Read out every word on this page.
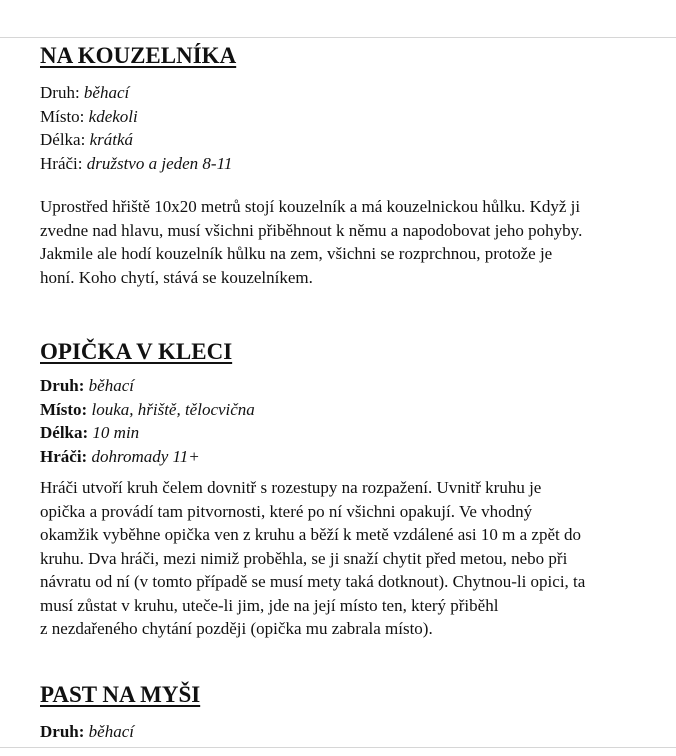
NA KOUZELNÍKA
Druh: běhací
Místo: kdekoli
Délka: krátká
Hráči: družstvo a jeden 8-11

Uprostřed hřiště 10x20 metrů stojí kouzelník a má kouzelnickou hůlku. Když ji
zvedne nad hlavu, musí všichni přiběhnout k němu a napodobovat jeho pohyby.
Jakmile ale hodí kouzelník hůlku na zem, všichni se rozprchnou, protože je
honí. Koho chytí, stává se kouzelníkem.

OPIČKA V KLECI
Druh: běhací
Místo: louka, hřiště, tělocvična
Délka: 10 min
Hráči: dohromady 11+

Hráči utvoří kruh čelem dovnitř s rozestupy na rozpažení. Uvnitř kruhu je
opička a provádí tam pitvornosti, které po ní všichni opakují. Ve vhodný
okamžik vyběhne opička ven z kruhu a běží k metě vzdálené asi 10 m a zpět do
kruhu. Dva hráči, mezi nimiž proběhla, se ji snaží chytit před metou, nebo při
návratu od ní (v tomto případě se musí mety taká dotknout). Chytnou-li opici, ta
musí zůstat v kruhu, uteče-li jim, jde na její místo ten, který přiběhl
z nezdařeného chytání později (opička mu zabrala místo).

PAST NA MYŠI
Druh: běhací
